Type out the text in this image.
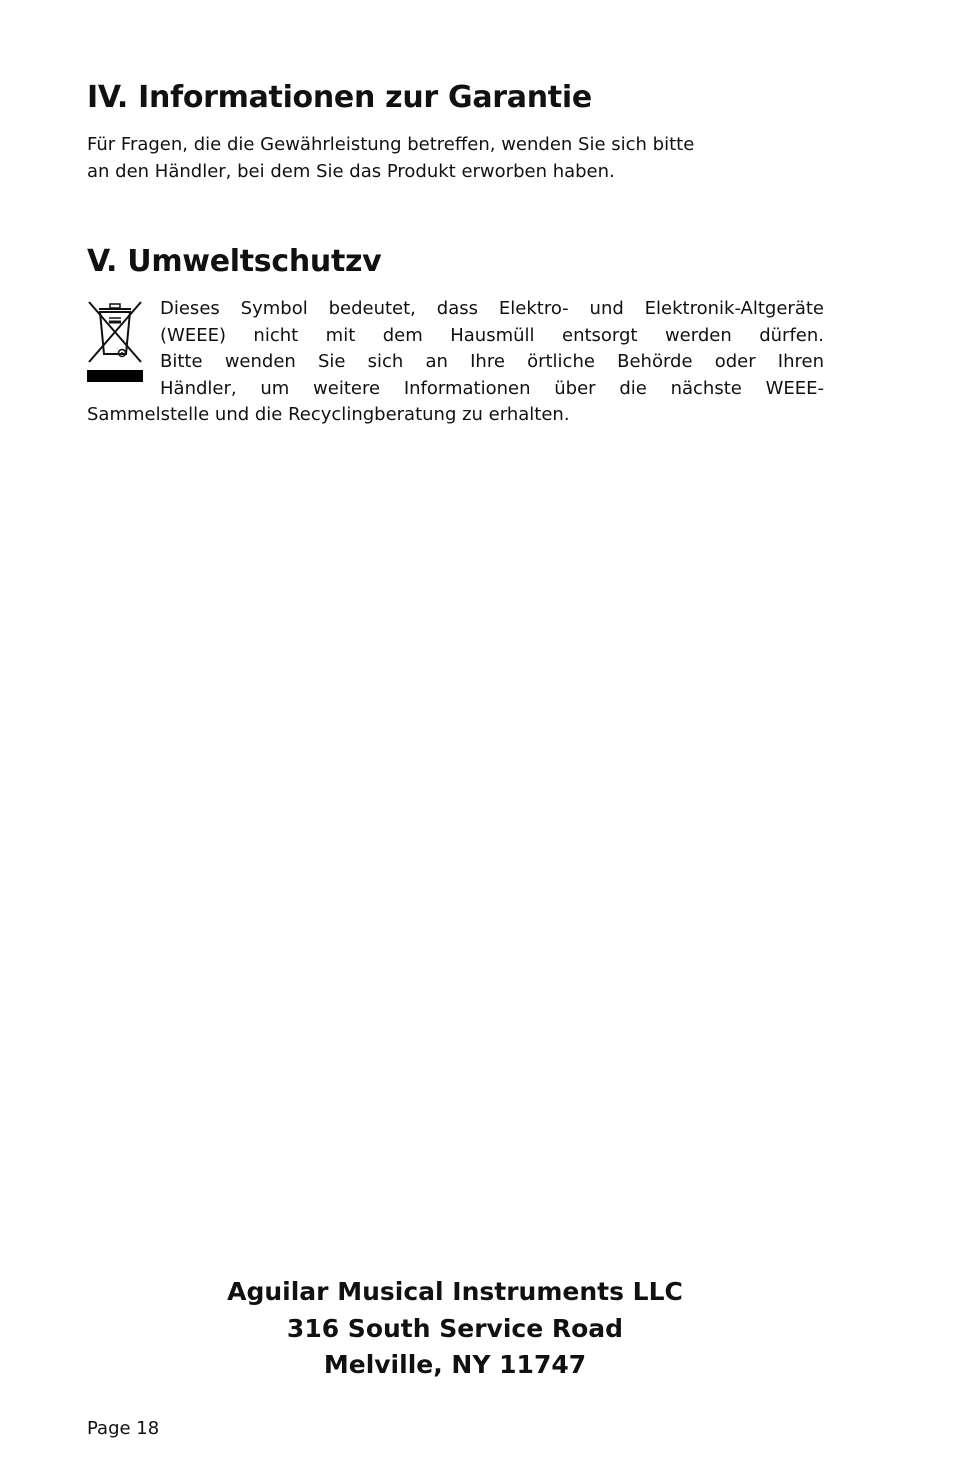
IV. Informationen zur Garantie

Für Fragen, die die Gewährleistung betreffen, wenden Sie sich bitte
an den Händler, bei dem Sie das Produkt erworben haben.

V. Umweltschutzv
Dieses Symbol bedeutet, dass Elektro- und Elektronik-Altgeräte
(WEEE) nicht mit dem Hausmüll entsorgt werden dürfen.
Bitte wenden Sie sich an Ihre örtliche Behörde oder Ihren
Händler, um weitere Informationen über die nächste WEEE-
Sammelstelle und die Recyclingberatung zu erhalten.
Aguilar Musical Instruments LLC
316 South Service Road
Melville, NY 11747
Page 18
